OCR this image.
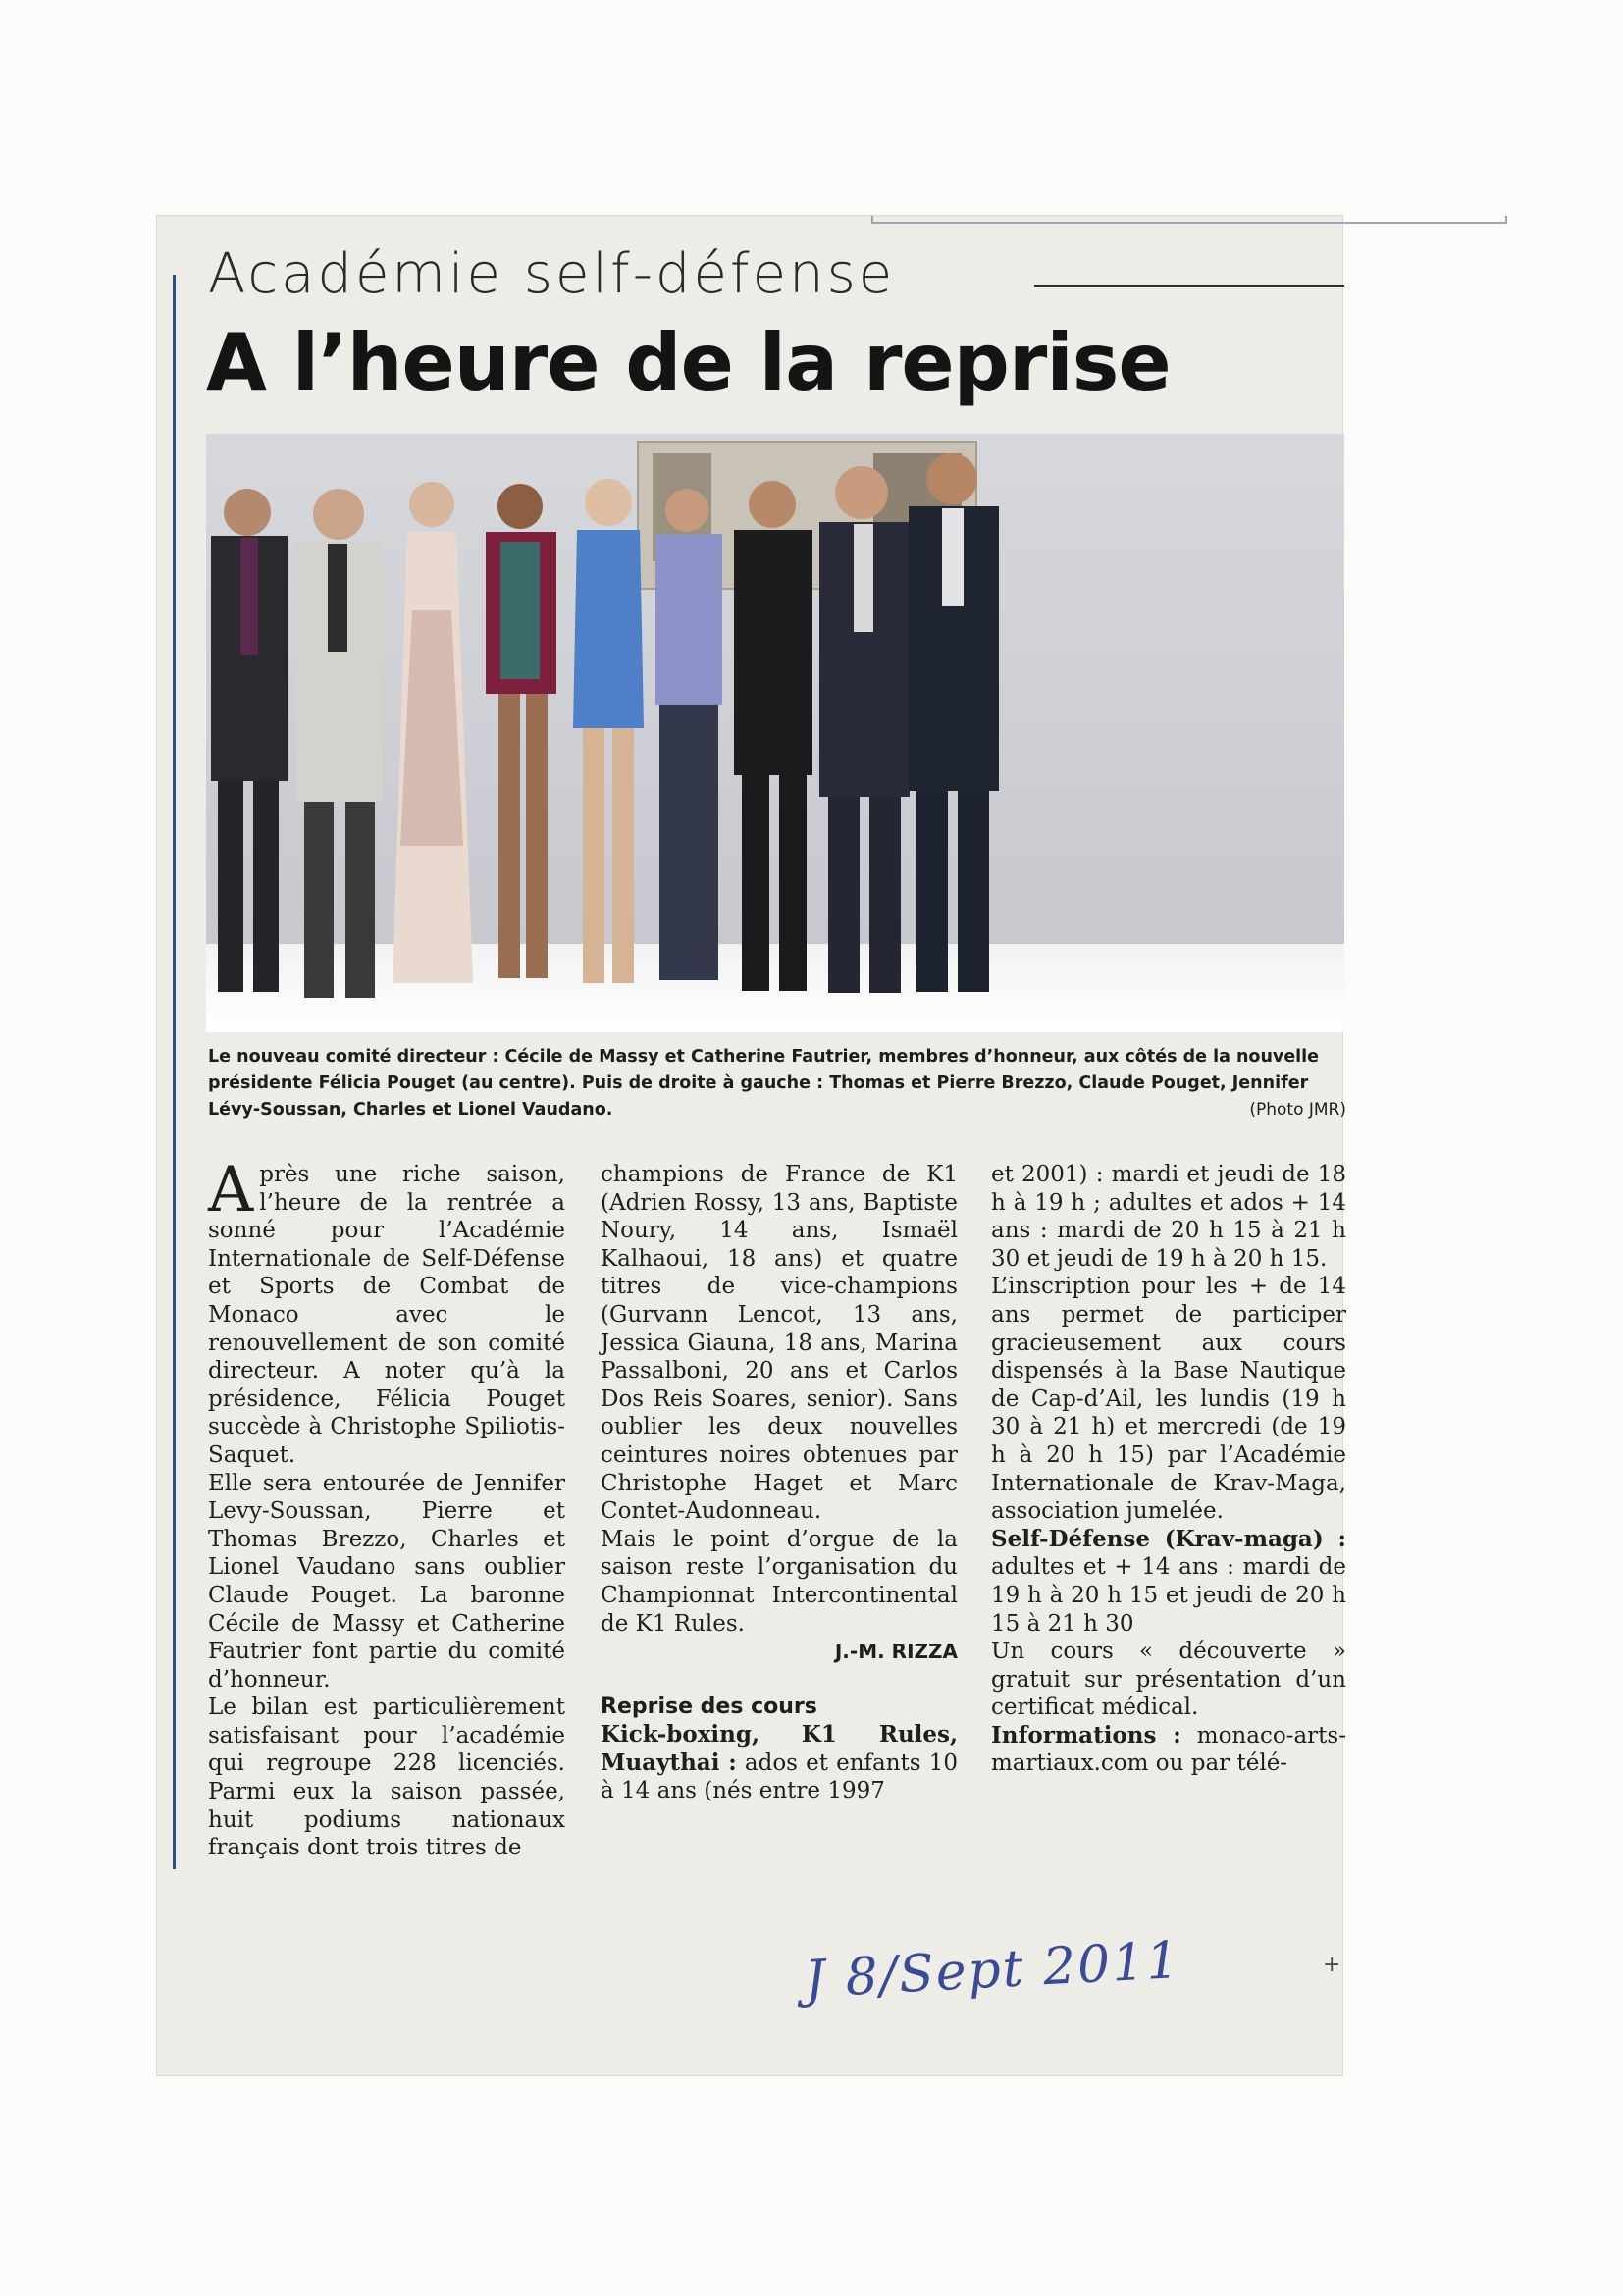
Académie self-défense
A l’heure de la reprise

Le nouveau comité directeur : Cécile de Massy et Catherine Fautrier, membres d’honneur, aux côtés de la nouvelle présidente Félicia Pouget (au centre). Puis de droite à gauche : Thomas et Pierre Brezzo, Claude Pouget, Jennifer Lévy-Soussan, Charles et Lionel Vaudano.	(Photo JMR)

Après une riche saison, l’heure de la rentrée a sonné pour l’Académie Internationale de Self-Défense et Sports de Combat de Monaco avec le renouvellement de son comité directeur. A noter qu’à la présidence, Félicia Pouget succède à Christophe Spiliotis-Saquet.

Elle sera entourée de Jennifer Levy-Soussan, Pierre et Thomas Brezzo, Charles et Lionel Vaudano sans oublier Claude Pouget. La baronne Cécile de Massy et Catherine Fautrier font partie du comité d’honneur.

Le bilan est particulièrement satisfaisant pour l’académie qui regroupe 228 licenciés. Parmi eux la saison passée, huit podiums nationaux français dont trois titres de

champions de France de K1 (Adrien Rossy, 13 ans, Baptiste Noury, 14 ans, Ismaël Kalhaoui, 18 ans) et quatre titres de vice-champions (Gurvann Lencot, 13 ans, Jessica Giauna, 18 ans, Marina Passalboni, 20 ans et Carlos Dos Reis Soares, senior). Sans oublier les deux nouvelles ceintures noires obtenues par Christophe Haget et Marc Contet-Audonneau.

Mais le point d’orgue de la saison reste l’organisation du Championnat Intercontinental de K1 Rules.

J.-M. RIZZA

Reprise des cours

Kick-boxing, K1 Rules, Muaythai : ados et enfants 10 à 14 ans (nés entre 1997

et 2001) : mardi et jeudi de 18 h à 19 h ; adultes et ados + 14 ans : mardi de 20 h 15 à 21 h 30 et jeudi de 19 h à 20 h 15.

L’inscription pour les + de 14 ans permet de participer gracieusement aux cours dispensés à la Base Nautique de Cap-d’Ail, les lundis (19 h 30 à 21 h) et mercredi (de 19 h à 20 h 15) par l’Académie Internationale de Krav-Maga, association jumelée.

Self-Défense (Krav-maga) : adultes et + 14 ans : mardi de 19 h à 20 h 15 et jeudi de 20 h 15 à 21 h 30

Un cours « découverte » gratuit sur présentation d’un certificat médical.

Informations : monaco-arts-martiaux.com ou par télé-

J 8/Sept 2011	+
